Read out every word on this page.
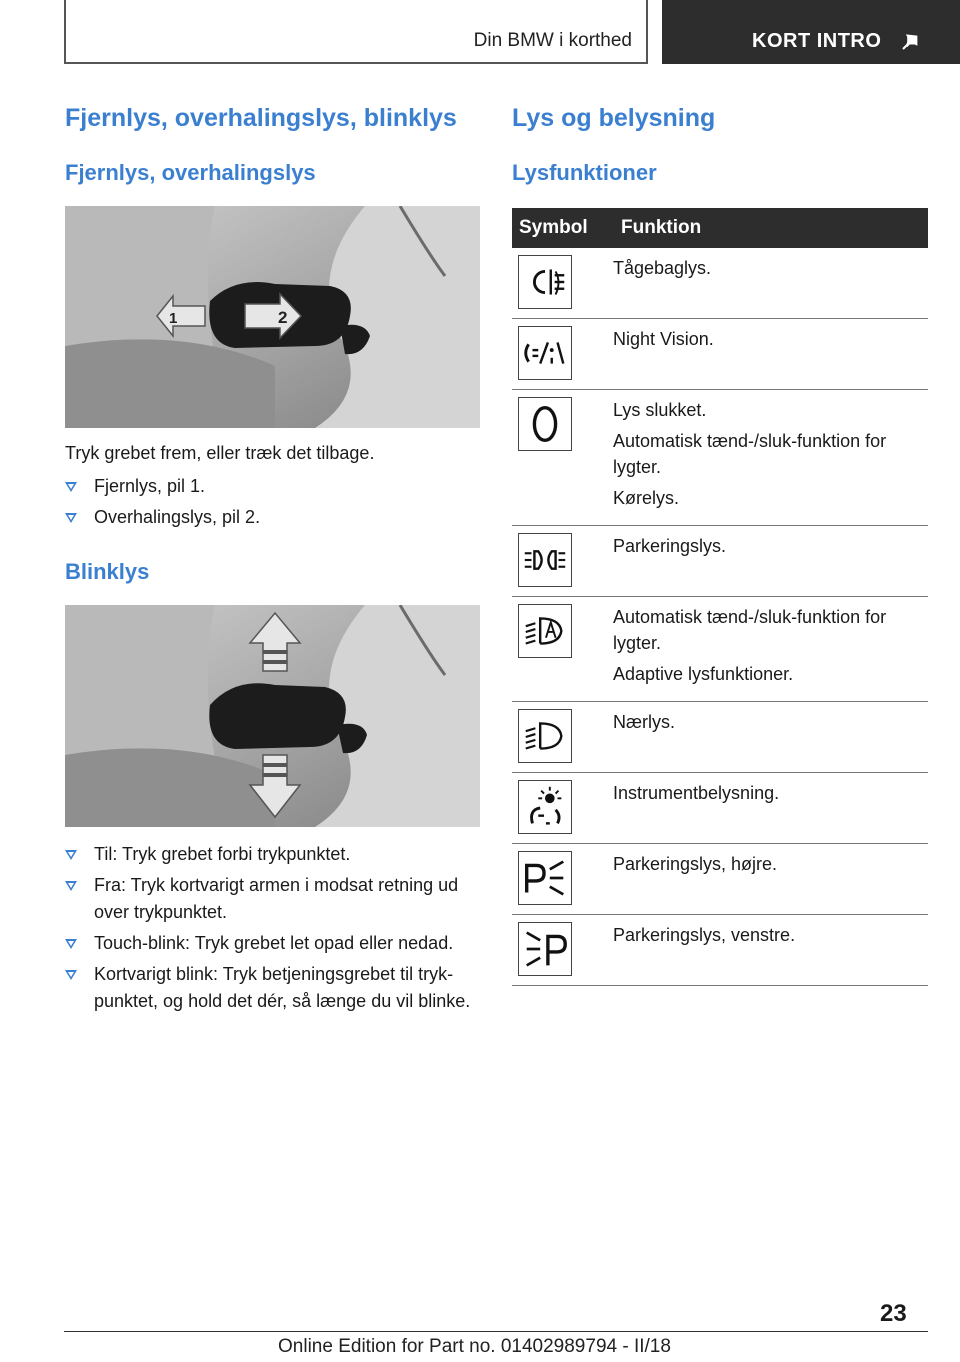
Din BMW i korthed	KORT INTRO
Fjernlys, overhalingslys, blinklys
Fjernlys, overhalingslys
1	2

Tryk grebet frem, eller træk det tilbage.

Fjernlys, pil 1.
Overhalingslys, pil 2.
Blinklys
Til: Tryk grebet forbi trykpunktet.
Fra: Tryk kortvarigt armen i modsat retning ud over trykpunktet.
Touch-blink: Tryk grebet let opad eller nedad.
Kortvarigt blink: Tryk betjeningsgrebet til tryk-punktet, og hold det dér, så længe du vil blinke.
Lys og belysning
Lysfunktioner
Symbol	Funktion

Tågebaglys.

Night Vision.

Lys slukket.
Automatisk tænd-/sluk-funktion for lygter.
Kørelys.

Parkeringslys.

Automatisk tænd-/sluk-funktion for lygter.
Adaptive lysfunktioner.

Nærlys.

Instrumentbelysning.

Parkeringslys, højre.

Parkeringslys, venstre.
23
Online Edition for Part no. 01402989794 - II/18
